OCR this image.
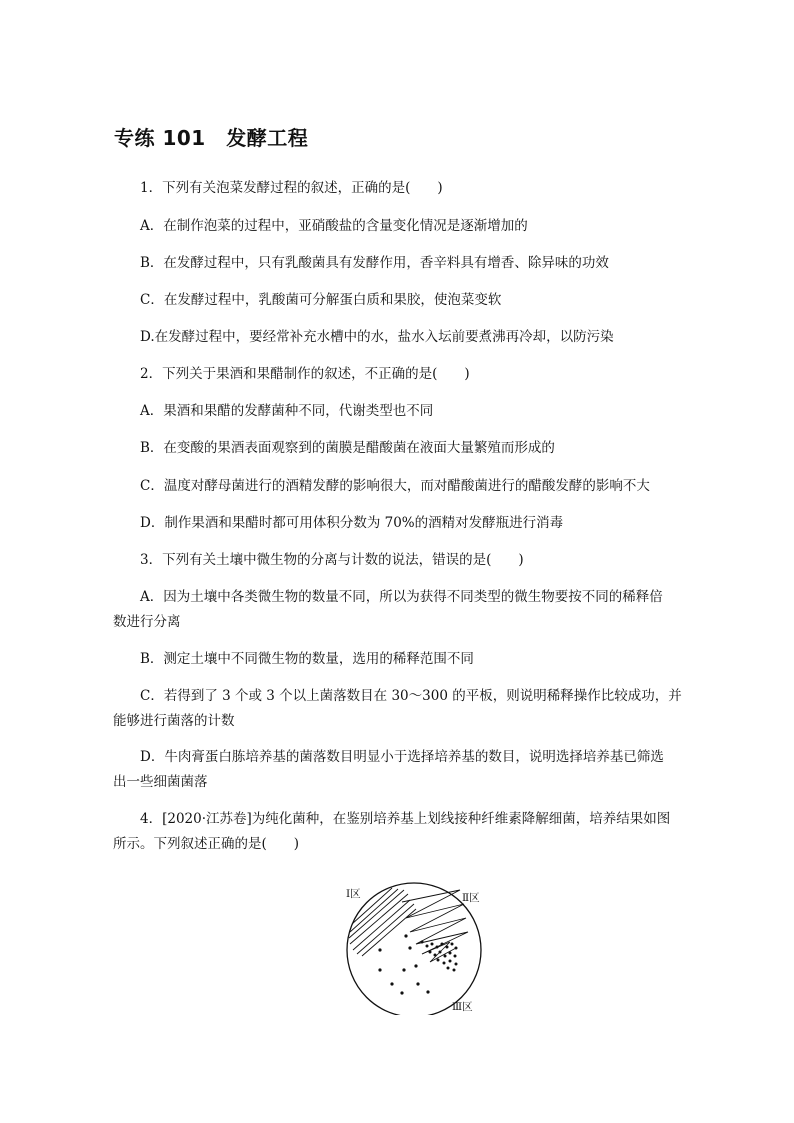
专练 101　发酵工程
1．下列有关泡菜发酵过程的叙述，正确的是(　　)
A．在制作泡菜的过程中，亚硝酸盐的含量变化情况是逐渐增加的
B．在发酵过程中，只有乳酸菌具有发酵作用，香辛料具有增香、除异味的功效
C．在发酵过程中，乳酸菌可分解蛋白质和果胶，使泡菜变软
D.在发酵过程中，要经常补充水槽中的水，盐水入坛前要煮沸再冷却，以防污染
2．下列关于果酒和果醋制作的叙述，不正确的是(　　)
A．果酒和果醋的发酵菌种不同，代谢类型也不同
B．在变酸的果酒表面观察到的菌膜是醋酸菌在液面大量繁殖而形成的
C．温度对酵母菌进行的酒精发酵的影响很大，而对醋酸菌进行的醋酸发酵的影响不大
D．制作果酒和果醋时都可用体积分数为 70%的酒精对发酵瓶进行消毒
3．下列有关土壤中微生物的分离与计数的说法，错误的是(　　)
A．因为土壤中各类微生物的数量不同，所以为获得不同类型的微生物要按不同的稀释倍
数进行分离
B．测定土壤中不同微生物的数量，选用的稀释范围不同
C．若得到了 3 个或 3 个以上菌落数目在 30～300 的平板，则说明稀释操作比较成功，并
能够进行菌落的计数
D．牛肉膏蛋白胨培养基的菌落数目明显小于选择培养基的数目，说明选择培养基已筛选
出一些细菌菌落
4．[2020·江苏卷]为纯化菌种，在鉴别培养基上划线接种纤维素降解细菌，培养结果如图
所示。下列叙述正确的是(　　)
Ⅰ区	Ⅱ区
Ⅲ区
